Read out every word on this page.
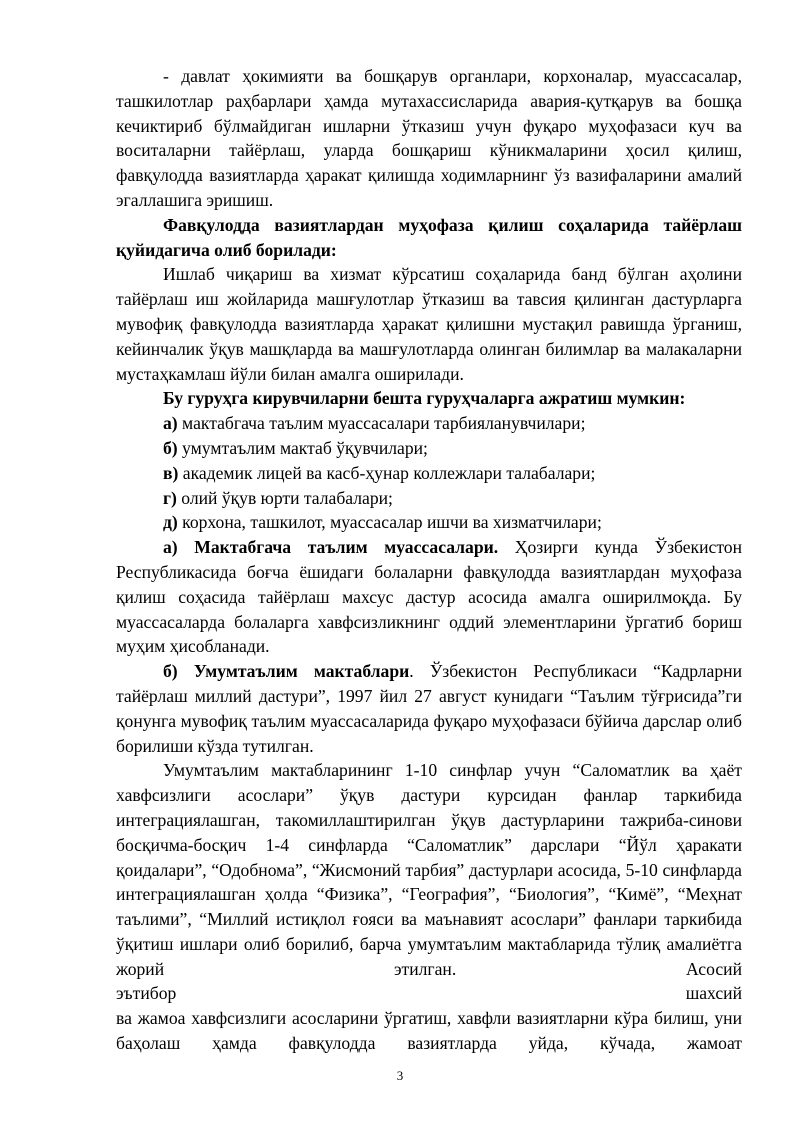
- давлат ҳокимияти ва бошқарув органлари, корхоналар, муассасалар, ташкилотлар раҳбарлари ҳамда мутахассисларида авария-қутқарув ва бошқа кечиктириб бўлмайдиган ишларни ўтказиш учун фуқаро муҳофазаси куч ва воситаларни тайёрлаш, уларда бошқариш кўникмаларини ҳосил қилиш, фавқулодда вазиятларда ҳаракат қилишда ходимларнинг ўз вазифаларини амалий эгаллашига эришиш.

Фавқулодда вазиятлардан муҳофаза қилиш соҳаларида тайёрлаш қуйидагича олиб борилади:

Ишлаб чиқариш ва хизмат кўрсатиш соҳаларида банд бўлган аҳолини тайёрлаш иш жойларида машғулотлар ўтказиш ва тавсия қилинган дастурларга мувофиқ фавқулодда вазиятларда ҳаракат қилишни мустақил равишда ўрганиш, кейинчалик ўқув машқларда ва машғулотларда олинган билимлар ва малакаларни мустаҳкамлаш йўли билан амалга оширилади.

Бу гуруҳга кирувчиларни бешта гуруҳчаларга ажратиш мумкин:

а) мактабгача таълим муассасалари тарбияланувчилари;

б) умумтаълим мактаб ўқувчилари;

в) академик лицей ва касб-ҳунар коллежлари талабалари;

г) олий ўқув юрти талабалари;

д) корхона, ташкилот, муассасалар ишчи ва хизматчилари;

а) Мактабгача таълим муассасалари. Ҳозирги кунда Ўзбекистон Республикасида боғча ёшидаги болаларни фавқулодда вазиятлардан муҳофаза қилиш соҳасида тайёрлаш махсус дастур асосида амалга оширилмоқда. Бу муассасаларда болаларга хавфсизликнинг оддий элементларини ўргатиб бориш муҳим ҳисобланади.

б) Умумтаълим мактаблари. Ўзбекистон Республикаси “Кадрларни тайёрлаш миллий дастури”, 1997 йил 27 август кунидаги “Таълим тўғрисида”ги қонунга мувофиқ таълим муассасаларида фуқаро муҳофазаси бўйича дарслар олиб борилиши кўзда тутилган.

Умумтаълим мактабларининг 1-10 синфлар учун “Саломатлик ва ҳаёт хавфсизлиги асослари” ўқув дастури курсидан фанлар таркибида интеграциялашган, такомиллаштирилган ўқув дастурларини тажриба-синови босқичма-босқич 1-4 синфларда “Саломатлик” дарслари “Йўл ҳаракати қоидалари”, “Одобнома”, “Жисмоний тарбия” дастурлари асосида, 5-10 синфларда интеграциялашган ҳолда “Физика”, “География”, “Биология”, “Кимё”, “Меҳнат таълими”, “Миллий истиқлол ғояси ва маънавият асослари” фанлари таркибида ўқитиш ишлари олиб борилиб, барча умумтаълим мактабларида тўлиқ амалиётга жорий этилган. Асосий

эътибор	шахсий

ва жамоа хавфсизлиги асосларини ўргатиш, хавфли вазиятларни кўра билиш, уни баҳолаш ҳамда фавқулодда вазиятларда уйда, кўчада, жамоат

3
